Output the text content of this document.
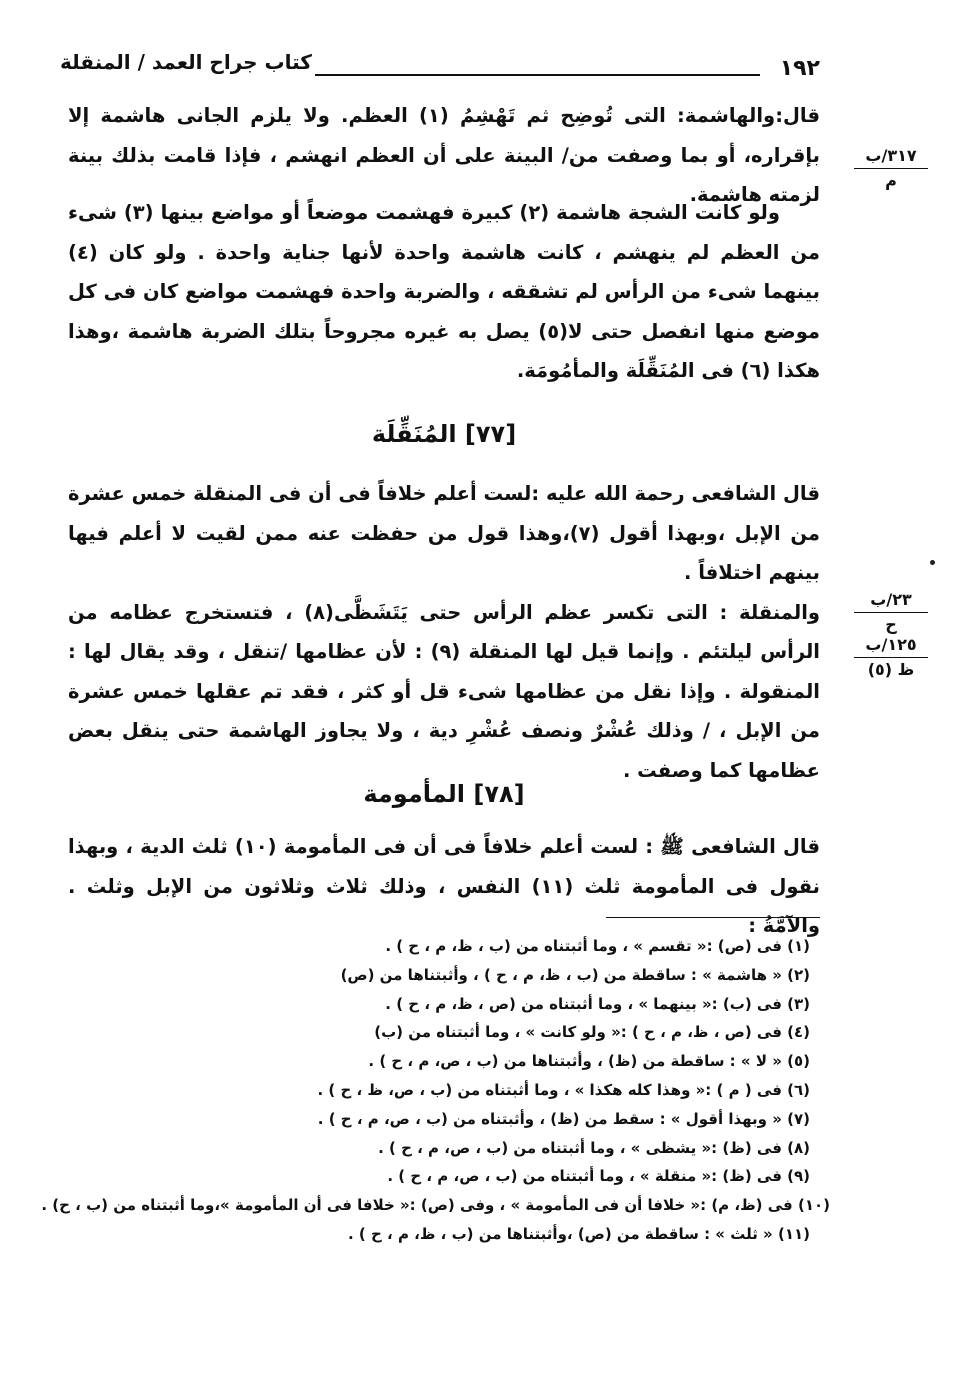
١٩٢
كتاب جراح العمد / المنقلة
٣١٧/ب
م

قال:والهاشمة: التى تُوضِح ثم تَهْشِمُ (١) العظم. ولا يلزم الجانى هاشمة إلا بإقراره، أو بما وصفت من/ البينة على أن العظم انهشم ، فإذا قامت بذلك بينة لزمته هاشمة.

ولو كانت الشجة هاشمة (٢) كبيرة فهشمت موضعاً أو مواضع بينها (٣) شىء من العظم لم ينهشم ، كانت هاشمة واحدة لأنها جناية واحدة . ولو كان (٤) بينهما شىء من الرأس لم تشققه ، والضربة واحدة فهشمت مواضع كان فى كل موضع منها انفصل حتى لا(٥) يصل به غيره مجروحاً بتلك الضربة هاشمة ،وهذا هكذا (٦) فى المُنَقِّلَة والمأمُومَة.

[٧٧] المُنَقِّلَة

قال الشافعى رحمة الله عليه :لست أعلم خلافاً فى أن فى المنقلة خمس عشرة من الإبل ،وبهذا أقول (٧)،وهذا قول من حفظت عنه ممن لقيت لا أعلم فيها بينهم اختلافاً .

والمنقلة : التى تكسر عظم الرأس حتى يَتَشَظَّى(٨) ، فتستخرج عظامه من الرأس ليلتئم . وإنما قيل لها المنقلة (٩) : لأن عظامها /تنقل ، وقد يقال لها : المنقولة . وإذا نقل من عظامها شىء قل أو كثر ، فقد تم عقلها خمس عشرة من الإبل ، / وذلك عُشْرٌ ونصف عُشْرِ دية ، ولا يجاوز الهاشمة حتى ينقل بعض عظامها كما وصفت .

٢٣/ب
ح
١٢٥/ب
ظ (٥)
[٧٨] المأمومة

قال الشافعى ﷺ : لست أعلم خلافاً فى أن فى المأمومة (١٠) ثلث الدية ، وبهذا نقول فى المأمومة ثلث (١١) النفس ، وذلك ثلاث وثلاثون من الإبل وثلث . والآمَّةُ :

(١) فى (ص) :« تقسم » ، وما أثبتناه من (ب ، ظ، م ، ح ) .

(٢) « هاشمة » : ساقطة من (ب ، ظ، م ، ح ) ، وأثبتناها من (ص)

(٣) فى (ب) :« بينهما » ، وما أثبتناه من (ص ، ظ، م ، ح ) .

(٤) فى (ص ، ظ، م ، ح ) :« ولو كانت » ، وما أثبتناه من (ب)

(٥) « لا » : ساقطة من (ظ) ، وأثبتناها من (ب ، ص، م ، ح ) .

(٦) فى ( م ) :« وهذا كله هكذا » ، وما أثبتناه من (ب ، ص، ظ ، ح ) .

(٧) « وبهذا أقول » : سقط من (ظ) ، وأثبتناه من (ب ، ص، م ، ح ) .

(٨) فى (ظ) :« يشظى » ، وما أثبتناه من (ب ، ص، م ، ح ) .

(٩) فى (ظ) :« منقلة » ، وما أثبتناه من (ب ، ص، م ، ح ) .

(١٠) فى (ظ، م) :« خلافا أن فى المأمومة » ، وفى (ص) :« خلافا فى أن المأمومة »،وما أثبتناه من (ب ، ح) .

(١١) « ثلث » : ساقطة من (ص) ،وأثبتناها من (ب ، ظ، م ، ح ) .
